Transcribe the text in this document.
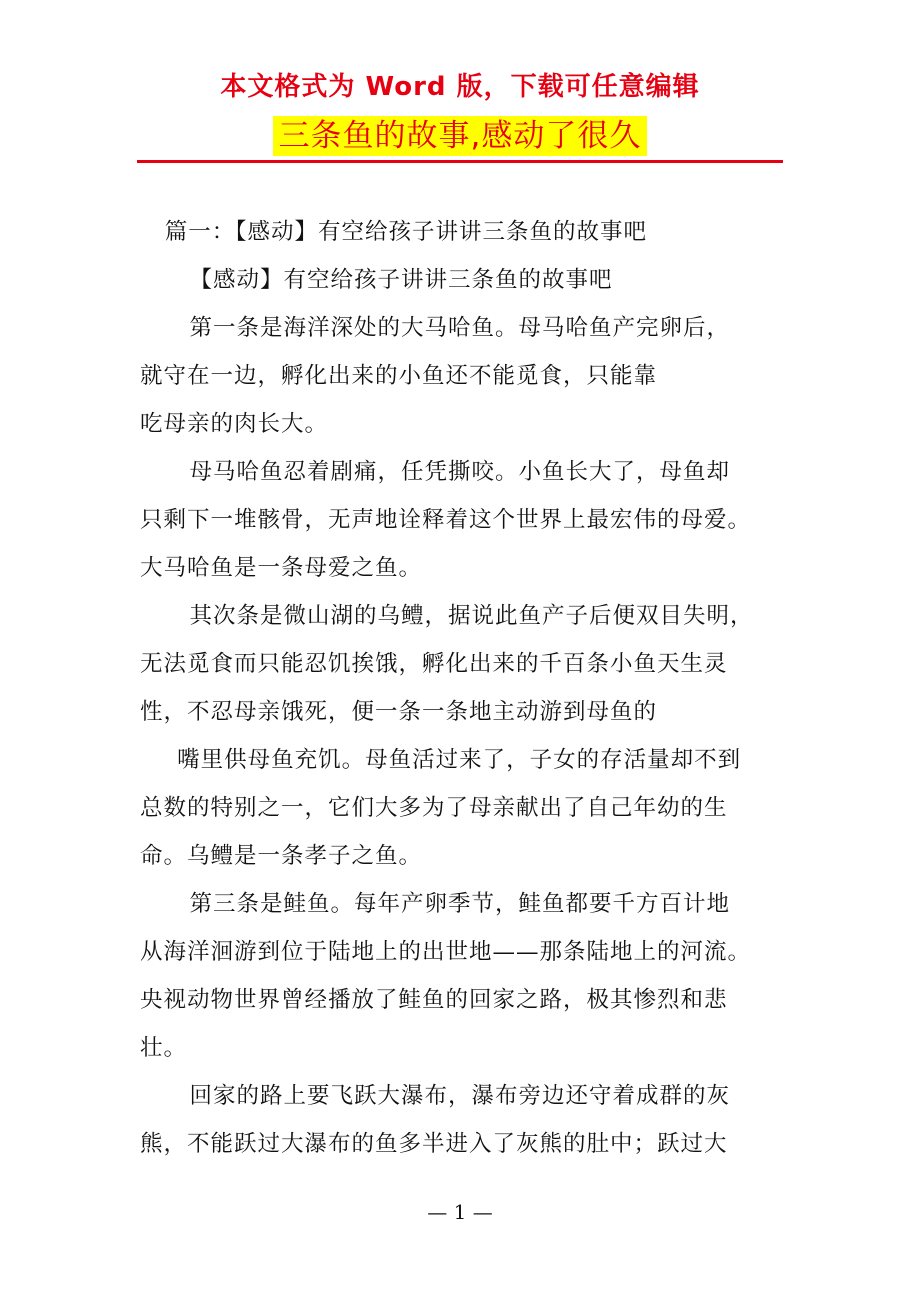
本文格式为 Word 版，下载可任意编辑
三条鱼的故事,感动了很久
篇一：【感动】有空给孩子讲讲三条鱼的故事吧
【感动】有空给孩子讲讲三条鱼的故事吧
第一条是海洋深处的大马哈鱼。母马哈鱼产完卵后，
就守在一边，孵化出来的小鱼还不能觅食，只能靠
吃母亲的肉长大。
母马哈鱼忍着剧痛，任凭撕咬。小鱼长大了，母鱼却
只剩下一堆骸骨，无声地诠释着这个世界上最宏伟的母爱。
大马哈鱼是一条母爱之鱼。
其次条是微山湖的乌鳢，据说此鱼产子后便双目失明，
无法觅食而只能忍饥挨饿，孵化出来的千百条小鱼天生灵
性，不忍母亲饿死，便一条一条地主动游到母鱼的
嘴里供母鱼充饥。母鱼活过来了，子女的存活量却不到
总数的特别之一，它们大多为了母亲献出了自己年幼的生
命。乌鳢是一条孝子之鱼。
第三条是鲑鱼。每年产卵季节，鲑鱼都要千方百计地
从海洋洄游到位于陆地上的出世地——那条陆地上的河流。
央视动物世界曾经播放了鲑鱼的回家之路，极其惨烈和悲
壮。
回家的路上要飞跃大瀑布，瀑布旁边还守着成群的灰
熊，不能跃过大瀑布的鱼多半进入了灰熊的肚中；跃过大
— 1 —
